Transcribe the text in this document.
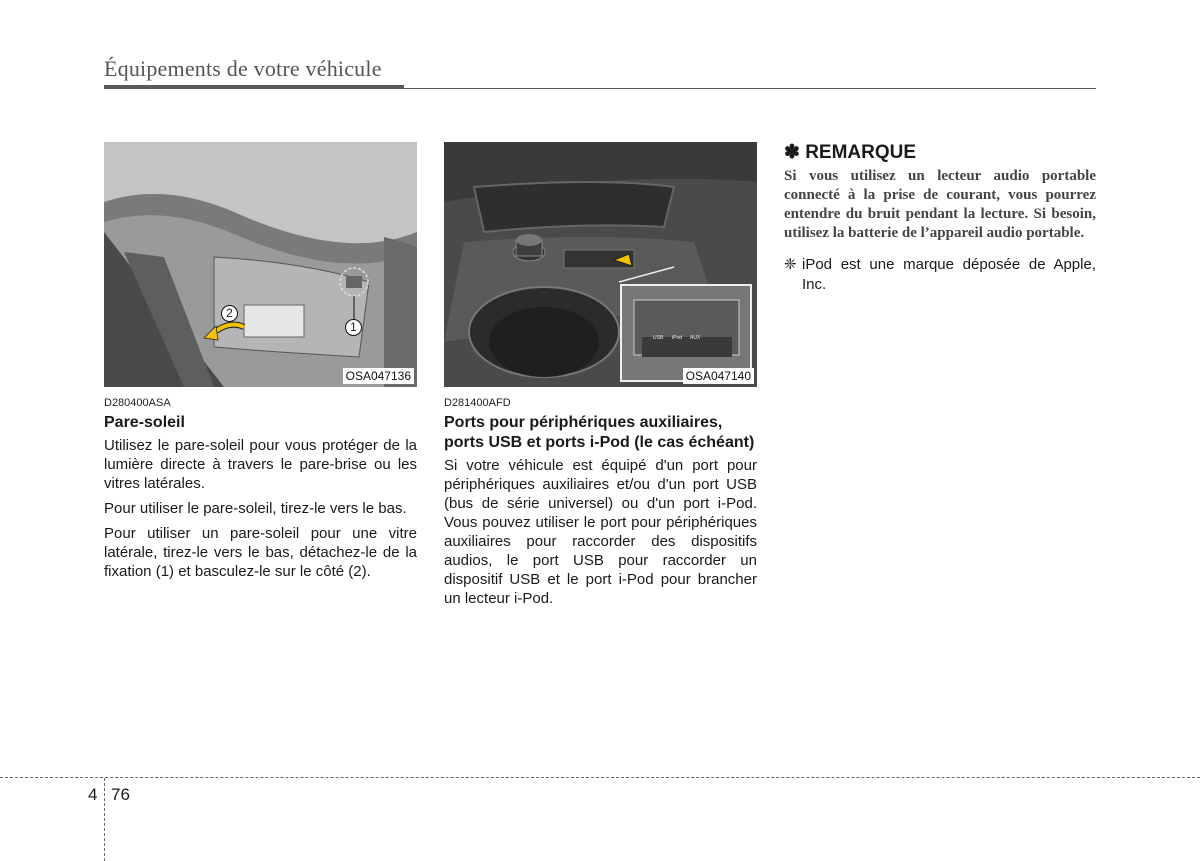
Équipements de votre véhicule
2
1
OSA047136
D280400ASA
Pare-soleil
Utilisez le pare-soleil pour vous protéger de la lumière directe à travers le pare-brise ou les vitres latérales.
Pour utiliser le pare-soleil, tirez-le vers le bas.
Pour utiliser un pare-soleil pour une vitre latérale, tirez-le vers le bas, détachez-le de la fixation (1) et basculez-le sur le côté (2).
USB iPod AUX
OSA047140
D281400AFD
Ports pour périphériques auxiliaires, ports USB et ports i-Pod (le cas échéant)
Si votre véhicule est équipé d'un port pour périphériques auxiliaires et/ou d'un port USB (bus de série universel) ou d'un port i-Pod. Vous pouvez utiliser le port pour périphériques auxiliaires pour raccorder des dispositifs audios, le port USB pour raccorder un dispositif USB et le port i-Pod pour brancher un lecteur i-Pod.
✽ REMARQUE
Si vous utilisez un lecteur audio portable connecté à la prise de courant, vous pourrez entendre du bruit pendant la lecture. Si besoin, utilisez la batterie de l’appareil audio portable.
❈ iPod est une marque déposée de Apple, Inc.
4 76
